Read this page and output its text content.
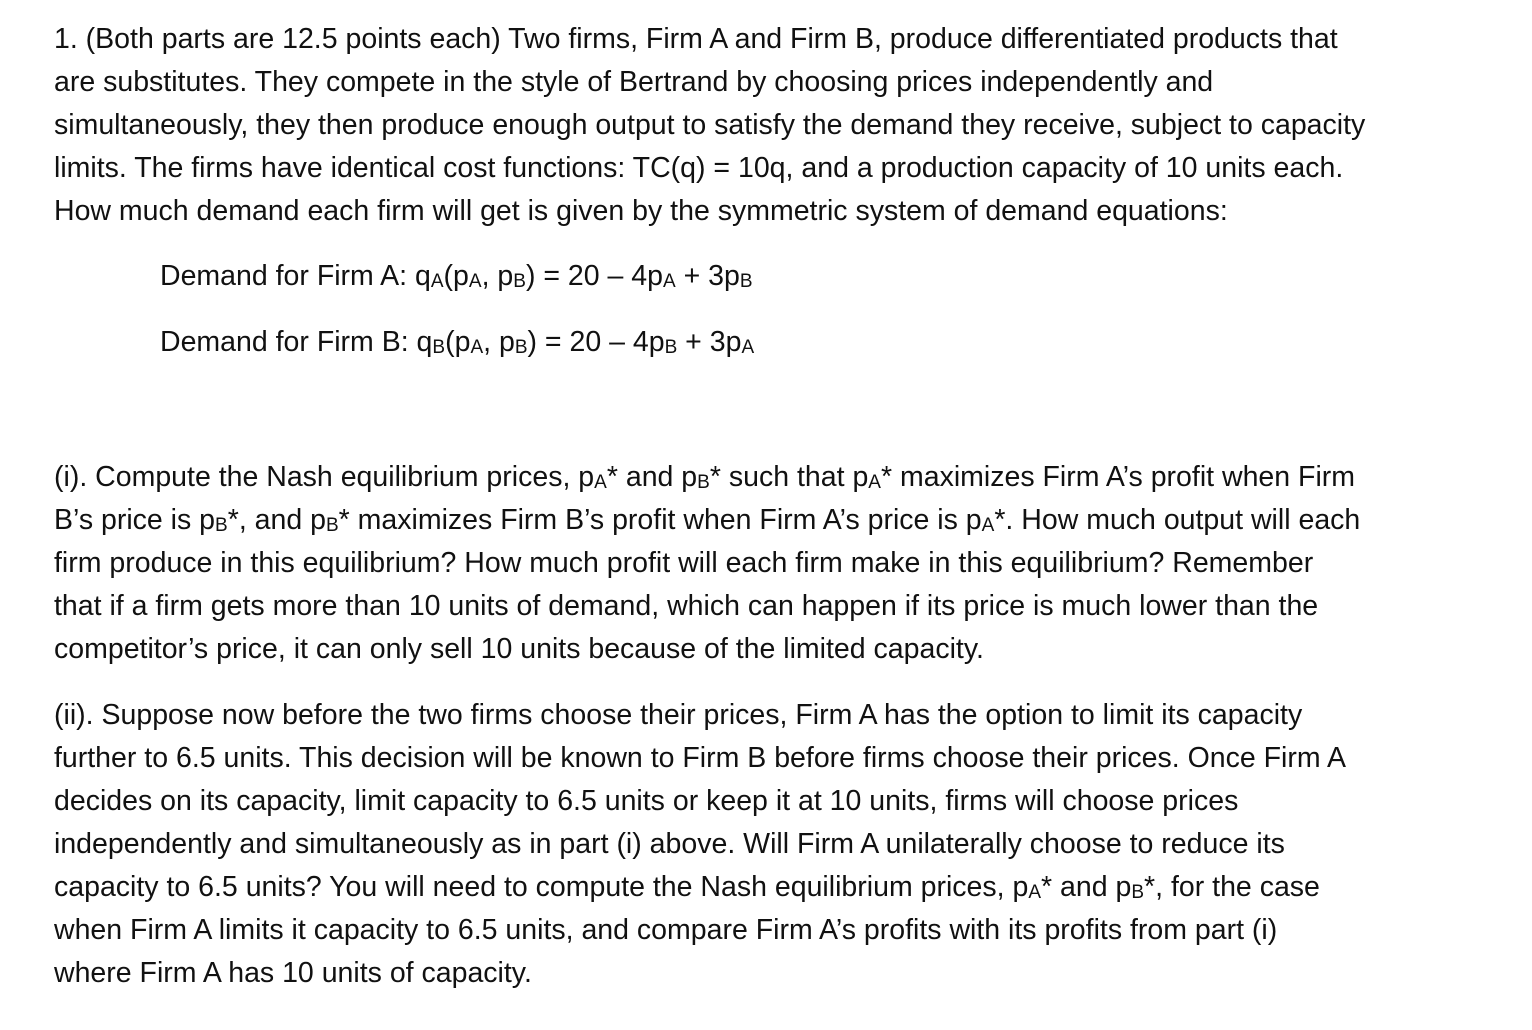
1. (Both parts are 12.5 points each) Two firms, Firm A and Firm B, produce differentiated products that
are substitutes. They compete in the style of Bertrand by choosing prices independently and
simultaneously, they then produce enough output to satisfy the demand they receive, subject to capacity
limits. The firms have identical cost functions: TC(q) = 10q, and a production capacity of 10 units each.
How much demand each firm will get is given by the symmetric system of demand equations:

Demand for Firm A: qA(pA, pB) = 20 – 4pA + 3pB

Demand for Firm B: qB(pA, pB) = 20 – 4pB + 3pA

(i). Compute the Nash equilibrium prices, pA* and pB* such that pA* maximizes Firm A’s profit when Firm
B’s price is pB*, and pB* maximizes Firm B’s profit when Firm A’s price is pA*. How much output will each
firm produce in this equilibrium? How much profit will each firm make in this equilibrium? Remember
that if a firm gets more than 10 units of demand, which can happen if its price is much lower than the
competitor’s price, it can only sell 10 units because of the limited capacity.

(ii). Suppose now before the two firms choose their prices, Firm A has the option to limit its capacity
further to 6.5 units. This decision will be known to Firm B before firms choose their prices. Once Firm A
decides on its capacity, limit capacity to 6.5 units or keep it at 10 units, firms will choose prices
independently and simultaneously as in part (i) above. Will Firm A unilaterally choose to reduce its
capacity to 6.5 units? You will need to compute the Nash equilibrium prices, pA* and pB*, for the case
when Firm A limits it capacity to 6.5 units, and compare Firm A’s profits with its profits from part (i)
where Firm A has 10 units of capacity.
